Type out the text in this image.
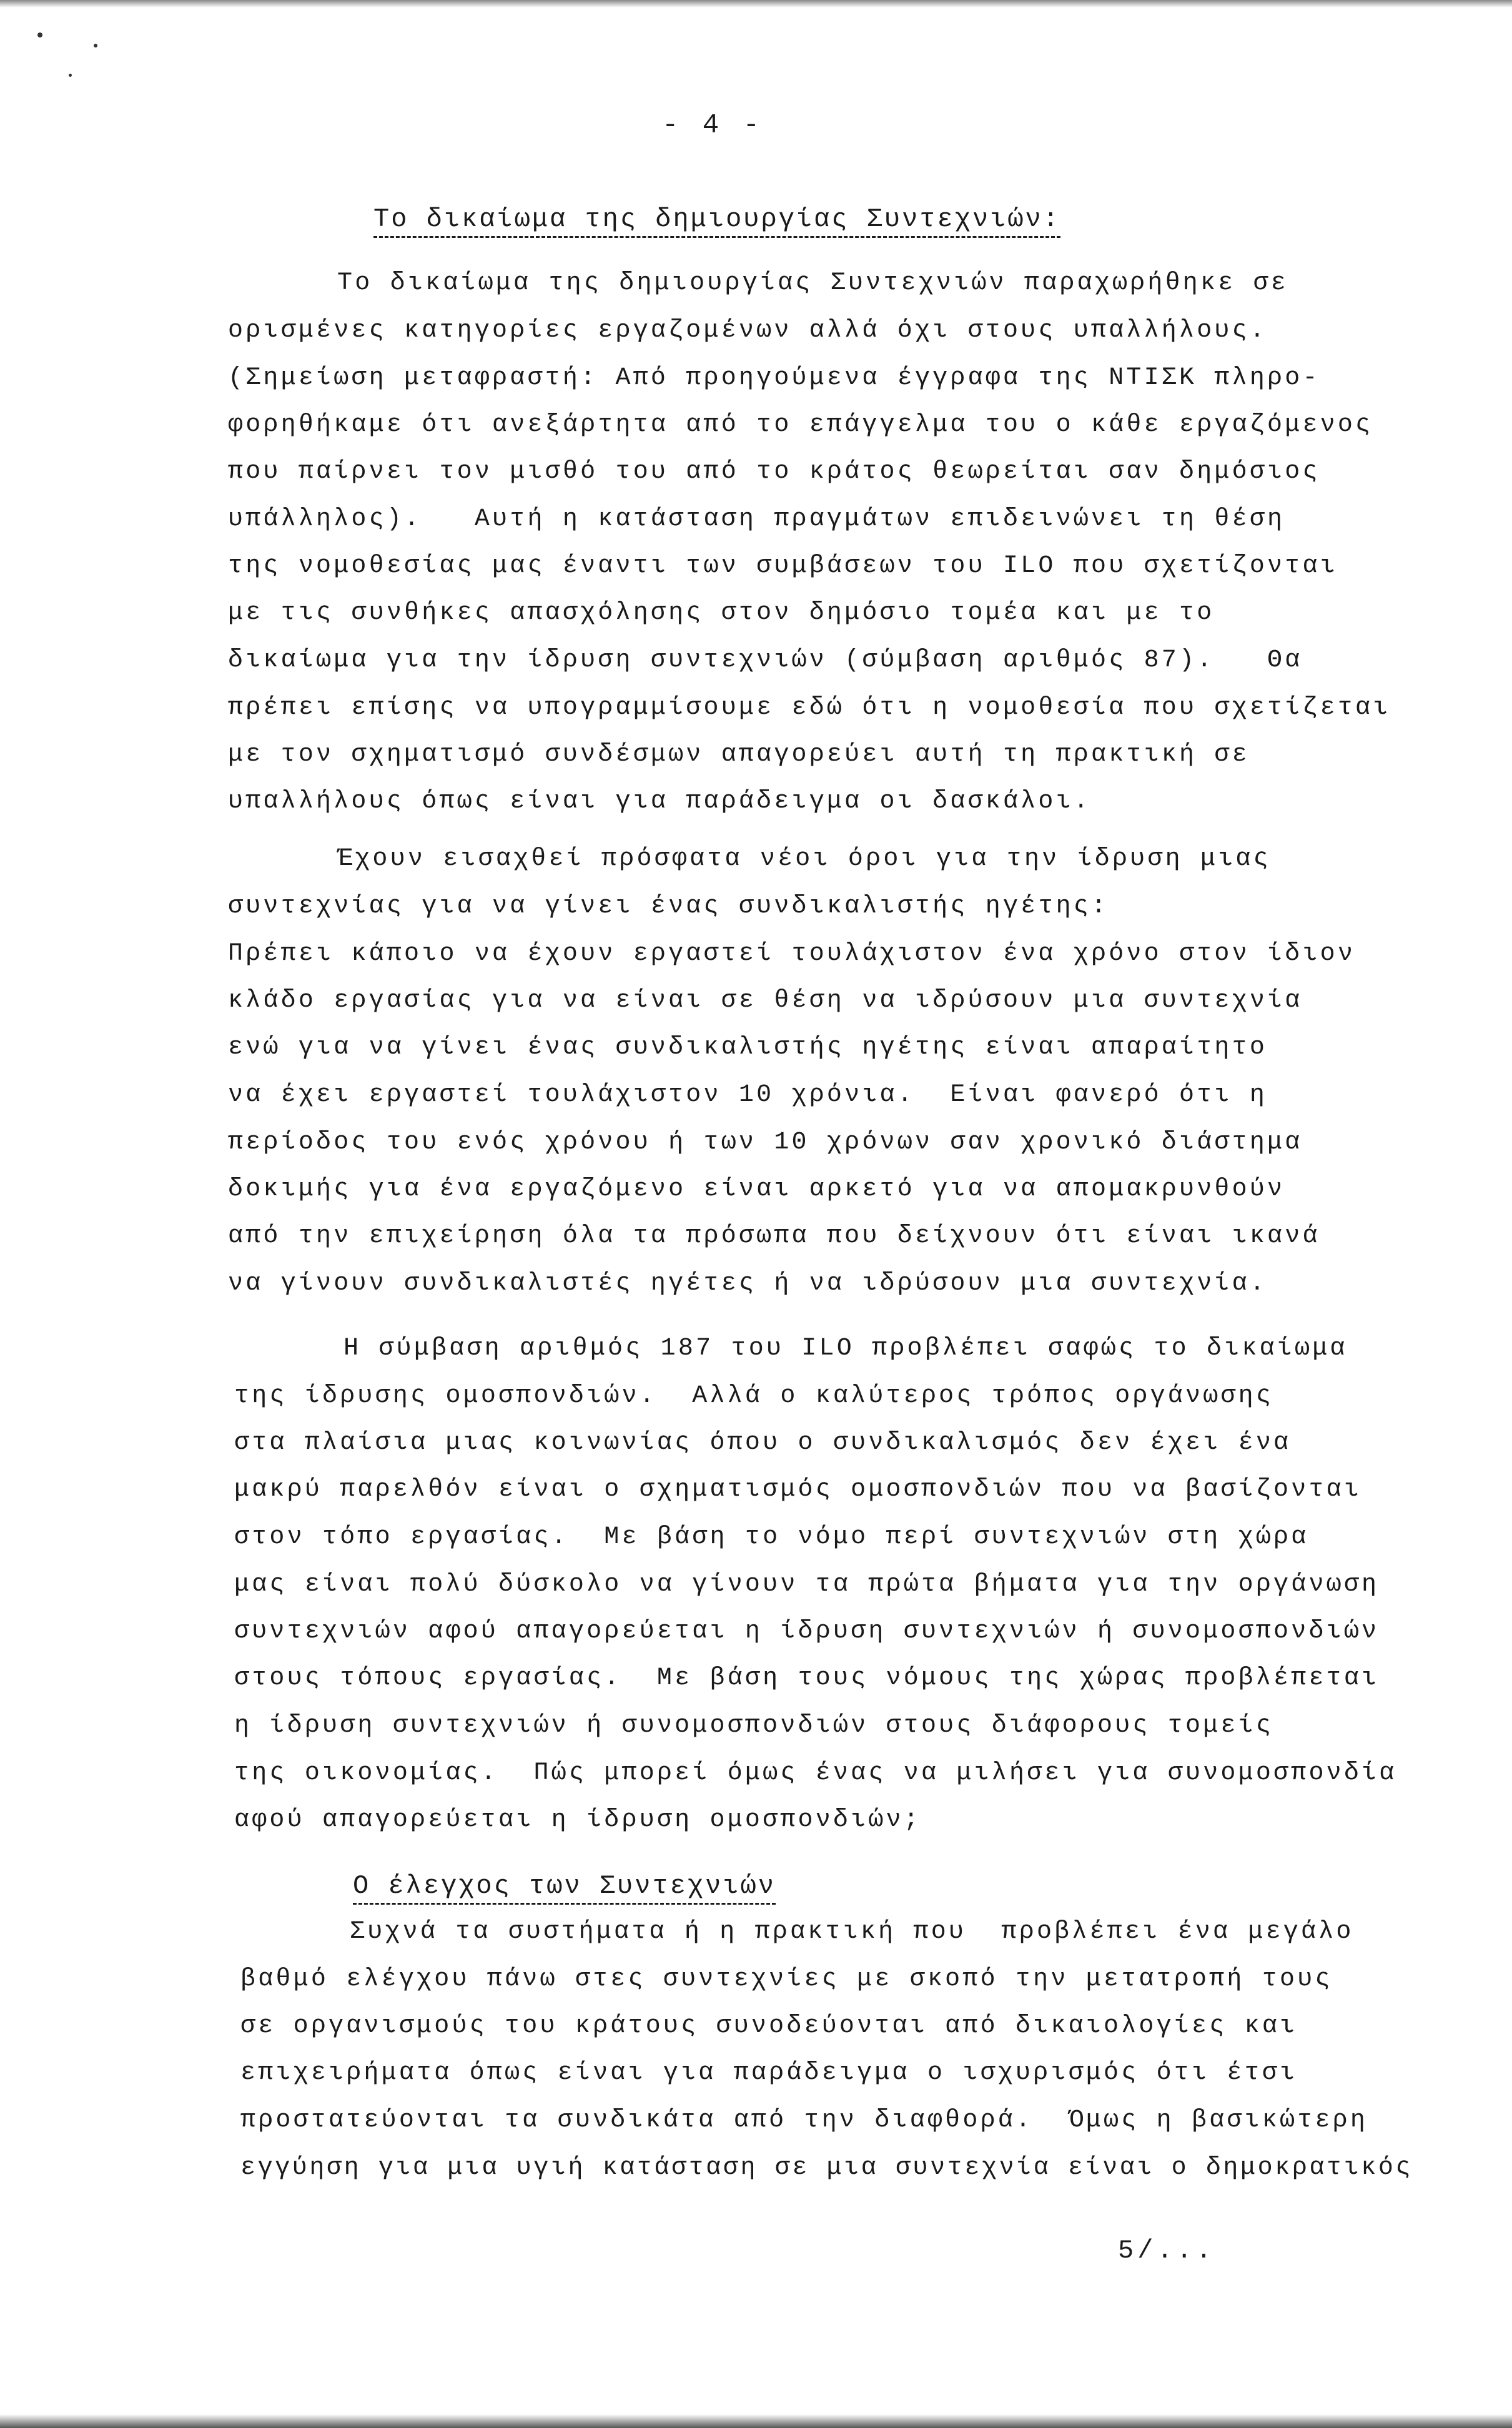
- 4 -
Το δικαίωμα της δημιουργίας Συντεχνιών:
Το δικαίωμα της δημιουργίας Συντεχνιών παραχωρήθηκε σε
ορισμένες κατηγορίες εργαζομένων αλλά όχι στους υπαλλήλους.
(Σημείωση μεταφραστή: Από προηγούμενα έγγραφα της ΝΤΙΣΚ πληρο-
φορηθήκαμε ότι ανεξάρτητα από το επάγγελμα του ο κάθε εργαζόμενος
που παίρνει τον μισθό του από το κράτος θεωρείται σαν δημόσιος
υπάλληλος).   Αυτή η κατάσταση πραγμάτων επιδεινώνει τη θέση
της νομοθεσίας μας έναντι των συμβάσεων του ILO που σχετίζονται
με τις συνθήκες απασχόλησης στον δημόσιο τομέα και με το
δικαίωμα για την ίδρυση συντεχνιών (σύμβαση αριθμός 87).   Θα
πρέπει επίσης να υπογραμμίσουμε εδώ ότι η νομοθεσία που σχετίζεται
με τον σχηματισμό συνδέσμων απαγορεύει αυτή τη πρακτική σε
υπαλλήλους όπως είναι για παράδειγμα οι δασκάλοι.
Έχουν εισαχθεί πρόσφατα νέοι όροι για την ίδρυση μιας
συντεχνίας για να γίνει ένας συνδικαλιστής ηγέτης:
Πρέπει κάποιο να έχουν εργαστεί τουλάχιστον ένα χρόνο στον ίδιον
κλάδο εργασίας για να είναι σε θέση να ιδρύσουν μια συντεχνία
ενώ για να γίνει ένας συνδικαλιστής ηγέτης είναι απαραίτητο
να έχει εργαστεί τουλάχιστον 10 χρόνια.  Είναι φανερό ότι η
περίοδος του ενός χρόνου ή των 10 χρόνων σαν χρονικό διάστημα
δοκιμής για ένα εργαζόμενο είναι αρκετό για να απομακρυνθούν
από την επιχείρηση όλα τα πρόσωπα που δείχνουν ότι είναι ικανά
να γίνουν συνδικαλιστές ηγέτες ή να ιδρύσουν μια συντεχνία.
Η σύμβαση αριθμός 187 του ILO προβλέπει σαφώς το δικαίωμα
της ίδρυσης ομοσπονδιών.  Αλλά ο καλύτερος τρόπος οργάνωσης
στα πλαίσια μιας κοινωνίας όπου ο συνδικαλισμός δεν έχει ένα
μακρύ παρελθόν είναι ο σχηματισμός ομοσπονδιών που να βασίζονται
στον τόπο εργασίας.  Με βάση το νόμο περί συντεχνιών στη χώρα
μας είναι πολύ δύσκολο να γίνουν τα πρώτα βήματα για την οργάνωση
συντεχνιών αφού απαγορεύεται η ίδρυση συντεχνιών ή συνομοσπονδιών
στους τόπους εργασίας.  Με βάση τους νόμους της χώρας προβλέπεται
η ίδρυση συντεχνιών ή συνομοσπονδιών στους διάφορους τομείς
της οικονομίας.  Πώς μπορεί όμως ένας να μιλήσει για συνομοσπονδία
αφού απαγορεύεται η ίδρυση ομοσπονδιών;
Ο έλεγχος των Συντεχνιών
Συχνά τα συστήματα ή η πρακτική που  προβλέπει ένα μεγάλο
βαθμό ελέγχου πάνω στες συντεχνίες με σκοπό την μετατροπή τους
σε οργανισμούς του κράτους συνοδεύονται από δικαιολογίες και
επιχειρήματα όπως είναι για παράδειγμα ο ισχυρισμός ότι έτσι
προστατεύονται τα συνδικάτα από την διαφθορά.  Όμως η βασικώτερη
εγγύηση για μια υγιή κατάσταση σε μια συντεχνία είναι ο δημοκρατικός
5/...
